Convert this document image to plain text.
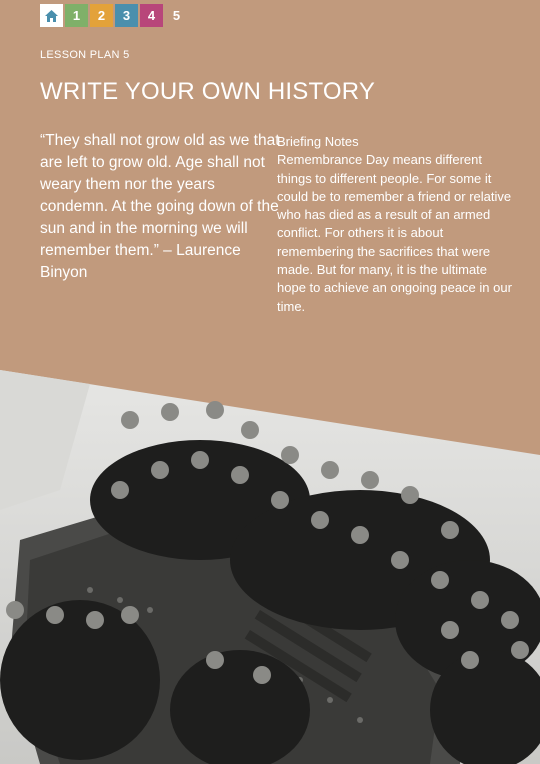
1 2 3 4 5
LESSON PLAN 5
WRITE YOUR OWN HISTORY

“They shall not grow old as we that are left to grow old. Age shall not weary them nor the years condemn. At the going down of the sun and in the morning we will remember them.” – Laurence Binyon

Briefing Notes

Remembrance Day means different things to different people. For some it could be to remember a friend or relative who has died as a result of an armed conflict. For others it is about remembering the sacrifices that were made. But for many, it is the ultimate hope to achieve an ongoing peace in our time.
